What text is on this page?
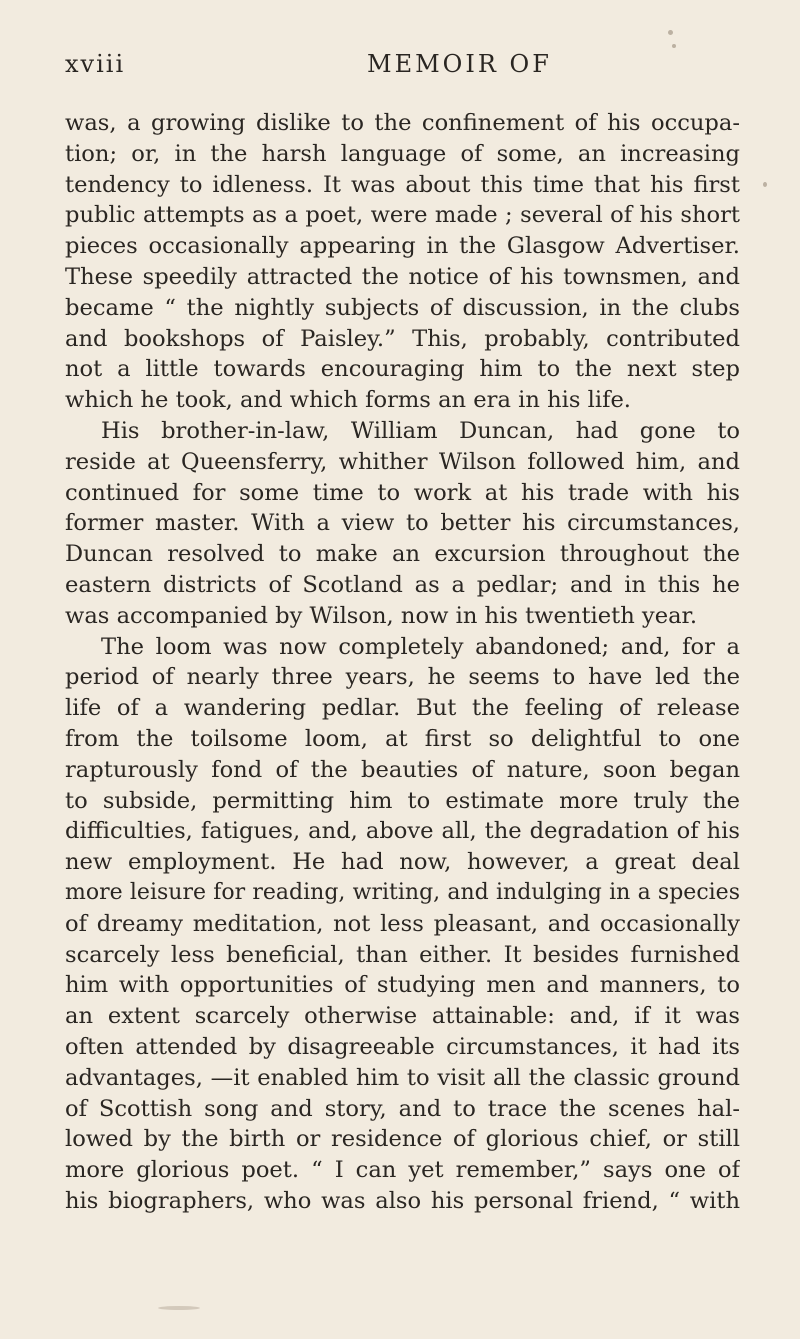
xviii	MEMOIR OF
was, a growing dislike to the confinement of his occupa-
tion; or, in the harsh language of some, an increasing
tendency to idleness. It was about this time that his first
public attempts as a poet, were made ; several of his short
pieces occasionally appearing in the Glasgow Advertiser.
These speedily attracted the notice of his townsmen, and
became “ the nightly subjects of discussion, in the clubs
and bookshops of Paisley.” This, probably, contributed
not a little towards encouraging him to the next step
which he took, and which forms an era in his life.
His brother-in-law, William Duncan, had gone to
reside at Queensferry, whither Wilson followed him, and
continued for some time to work at his trade with his
former master. With a view to better his circumstances,
Duncan resolved to make an excursion throughout the
eastern districts of Scotland as a pedlar; and in this he
was accompanied by Wilson, now in his twentieth year.
The loom was now completely abandoned; and, for a
period of nearly three years, he seems to have led the
life of a wandering pedlar. But the feeling of release
from the toilsome loom, at first so delightful to one
rapturously fond of the beauties of nature, soon began
to subside, permitting him to estimate more truly the
difficulties, fatigues, and, above all, the degradation of his
new employment. He had now, however, a great deal
more leisure for reading, writing, and indulging in a species
of dreamy meditation, not less pleasant, and occasionally
scarcely less beneficial, than either. It besides furnished
him with opportunities of studying men and manners, to
an extent scarcely otherwise attainable: and, if it was
often attended by disagreeable circumstances, it had its
advantages, —it enabled him to visit all the classic ground
of Scottish song and story, and to trace the scenes hal-
lowed by the birth or residence of glorious chief, or still
more glorious poet. “ I can yet remember,” says one of
his biographers, who was also his personal friend, “ with
